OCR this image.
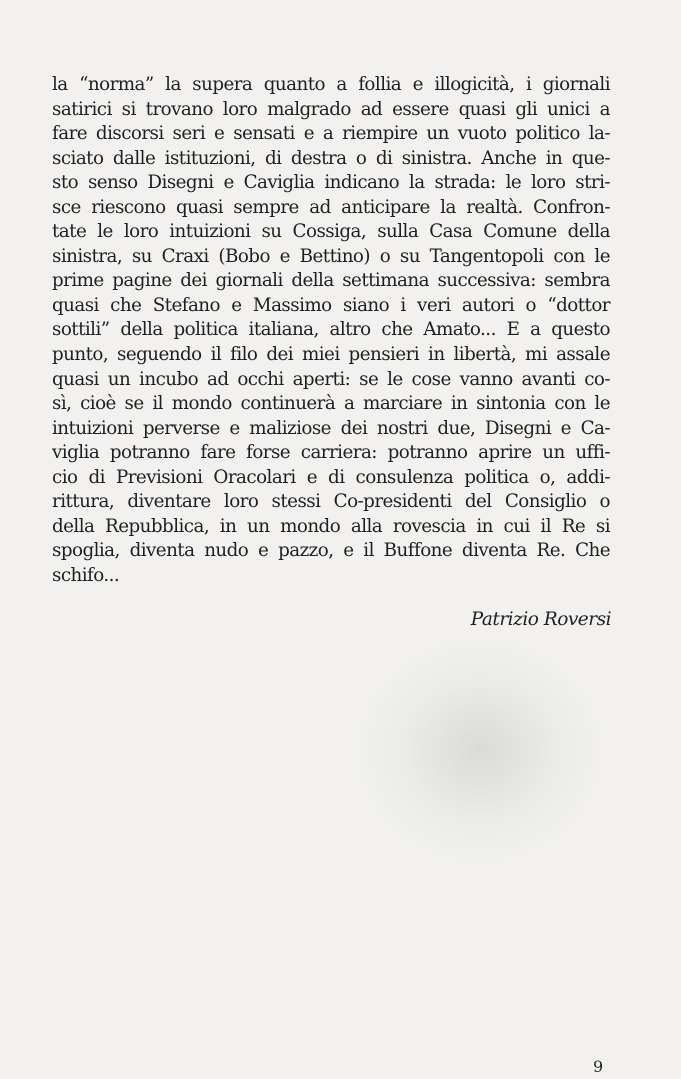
la “norma” la supera quanto a follia e illogicità, i giornali
satirici si trovano loro malgrado ad essere quasi gli unici a
fare discorsi seri e sensati e a riempire un vuoto politico la-
sciato dalle istituzioni, di destra o di sinistra. Anche in que-
sto senso Disegni e Caviglia indicano la strada: le loro stri-
sce riescono quasi sempre ad anticipare la realtà. Confron-
tate le loro intuizioni su Cossiga, sulla Casa Comune della
sinistra, su Craxi (Bobo e Bettino) o su Tangentopoli con le
prime pagine dei giornali della settimana successiva: sembra
quasi che Stefano e Massimo siano i veri autori o “dottor
sottili” della politica italiana, altro che Amato... E a questo
punto, seguendo il filo dei miei pensieri in libertà, mi assale
quasi un incubo ad occhi aperti: se le cose vanno avanti co-
sì, cioè se il mondo continuerà a marciare in sintonia con le
intuizioni perverse e maliziose dei nostri due, Disegni e Ca-
viglia potranno fare forse carriera: potranno aprire un uffi-
cio di Previsioni Oracolari e di consulenza politica o, addi-
rittura, diventare loro stessi Co-presidenti del Consiglio o
della Repubblica, in un mondo alla rovescia in cui il Re si
spoglia, diventa nudo e pazzo, e il Buffone diventa Re. Che
schifo...
Patrizio Roversi
9
